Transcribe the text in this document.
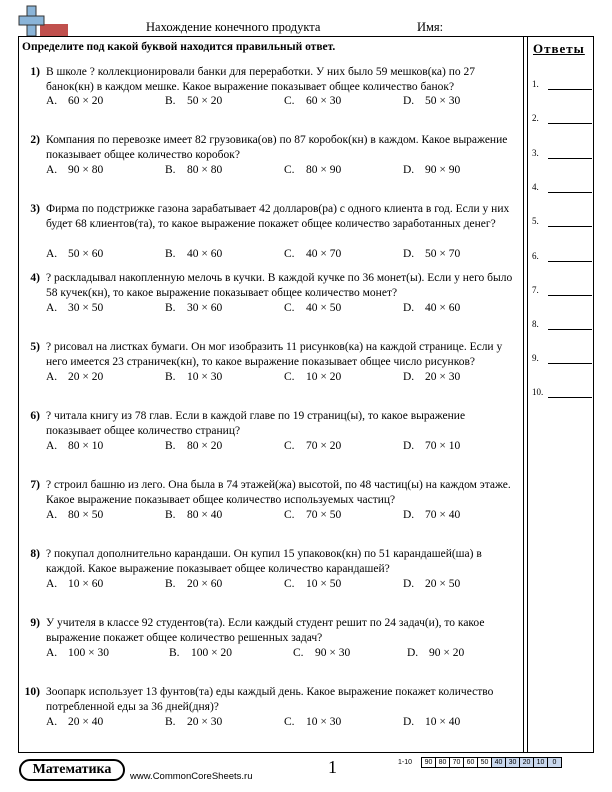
Нахождение конечного продукта	Имя:
Определите под какой буквой находится правильный ответ.	Ответы
1.
2.
3.
4.
5.
6.
7.
8.
9.
10.
1) В школе ? коллекционировали банки для переработки. У них было 59 мешков(ка) по 27 банок(кн) в каждом мешке. Какое выражение показывает общее количество банок?
A. 60 × 20	B. 50 × 20	C. 60 × 30	D. 50 × 30
2) Компания по перевозке имеет 82 грузовика(ов) по 87 коробок(кн) в каждом. Какое выражение показывает общее количество коробок?
A. 90 × 80	B. 80 × 80	C. 80 × 90	D. 90 × 90
3) Фирма по подстрижке газона зарабатывает 42 долларов(ра) с одного клиента в год. Если у них будет 68 клиентов(та), то какое выражение покажет общее количество заработанных денег?
A. 50 × 60	B. 40 × 60	C. 40 × 70	D. 50 × 70
4) ? раскладывал накопленную мелочь в кучки. В каждой кучке по 36 монет(ы). Если у него было 58 кучек(кн), то какое выражение показывает общее количество монет?
A. 30 × 50	B. 30 × 60	C. 40 × 50	D. 40 × 60
5) ? рисовал на листках бумаги. Он мог изобразить 11 рисунков(ка) на каждой странице. Если у него имеется 23 страничек(кн), то какое выражение показывает общее число рисунков?
A. 20 × 20	B. 10 × 30	C. 10 × 20	D. 20 × 30
6) ? читала книгу из 78 глав. Если в каждой главе по 19 страниц(ы), то какое выражение показывает общее количество страниц?
A. 80 × 10	B. 80 × 20	C. 70 × 20	D. 70 × 10
7) ? строил башню из лего. Она была в 74 этажей(жа) высотой, по 48 частиц(ы) на каждом этаже. Какое выражение показывает общее количество используемых частиц?
A. 80 × 50	B. 80 × 40	C. 70 × 50	D. 70 × 40
8) ? покупал дополнительно карандаши. Он купил 15 упаковок(кн) по 51 карандашей(ша) в каждой. Какое выражение показывает общее количество карандашей?
A. 10 × 60	B. 20 × 60	C. 10 × 50	D. 20 × 50
9) У учителя в классе 92 студентов(та). Если каждый студент решит по 24 задач(и), то какое выражение покажет общее количество решенных задач?
A. 100 × 30	B. 100 × 20	C. 90 × 30	D. 90 × 20
10) Зоопарк использует 13 фунтов(та) еды каждый день. Какое выражение покажет количество потребленной еды за 36 дней(дня)?
A. 20 × 40	B. 20 × 30	C. 10 × 30	D. 10 × 40
Математика	www.CommonCoreSheets.ru	1	1-10	90 80 70 60 50 40 30 20 10	0
